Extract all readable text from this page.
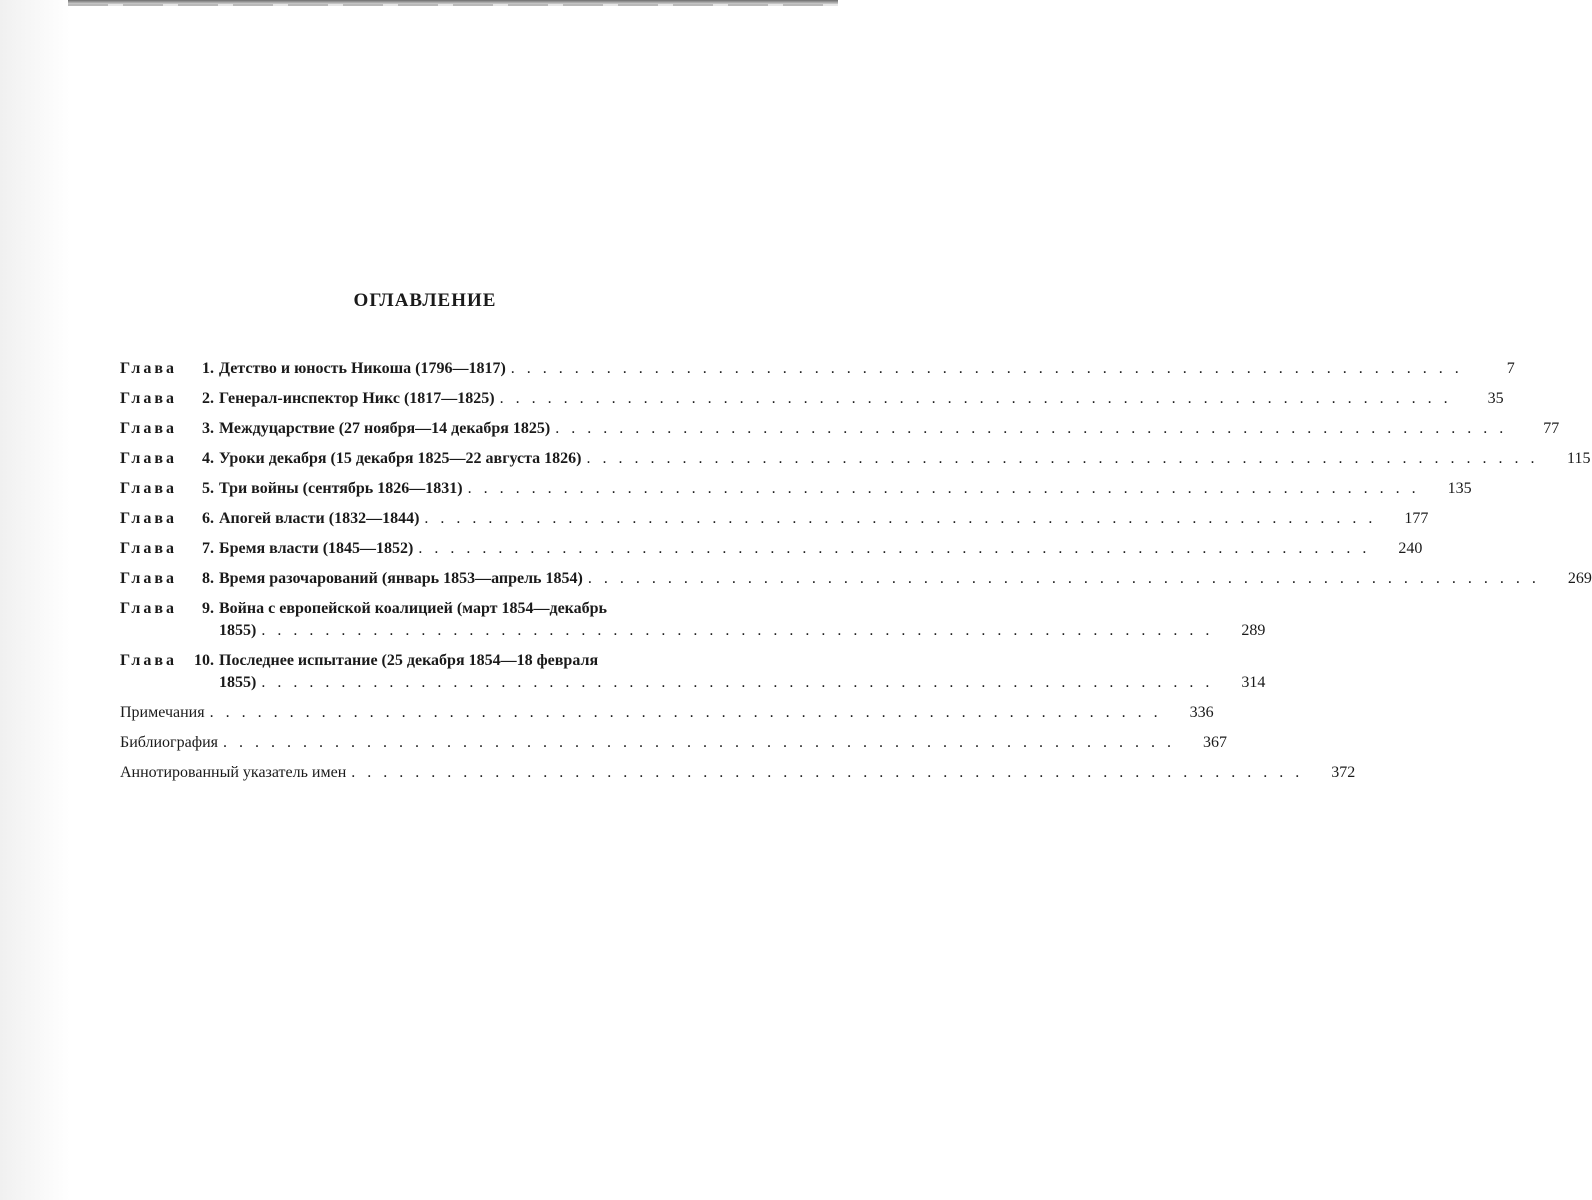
ОГЛАВЛЕНИЕ
Глава	1. Детство и юность Никоша (1796—1817) . . . . . . . . . . . . . . . . . . . . . . . . . . . . . . . . . . . . . . . . . . . . . . . . . . . . . . . . . . . .	7
Глава	2. Генерал-инспектор Никс (1817—1825) . . . . . . . . . . . . . . . . . . . . . . . . . . . . . . . . . . . . . . . . . . . . . . . . . . . . . . . . . . . .	35
Глава	3. Междуцарствие (27 ноября—14 декабря 1825) . . . . . . . . . . . . . . . . . . . . . . . . . . . . . . . . . . . . . . . . . . . . . . . . . . . . . . . . . . . .	77
Глава	4. Уроки декабря (15 декабря 1825—22 августа 1826) . . . . . . . . . . . . . . . . . . . . . . . . . . . . . . . . . . . . . . . . . . . . . . . . . . . . . . . . . . . .	115
Глава	5. Три войны (сентябрь 1826—1831) . . . . . . . . . . . . . . . . . . . . . . . . . . . . . . . . . . . . . . . . . . . . . . . . . . . . . . . . . . . .	135
Глава	6. Апогей власти (1832—1844) . . . . . . . . . . . . . . . . . . . . . . . . . . . . . . . . . . . . . . . . . . . . . . . . . . . . . . . . . . . .	177
Глава	7. Бремя власти (1845—1852) . . . . . . . . . . . . . . . . . . . . . . . . . . . . . . . . . . . . . . . . . . . . . . . . . . . . . . . . . . . .	240
Глава	8. Время разочарований (январь 1853—апрель 1854) . . . . . . . . . . . . . . . . . . . . . . . . . . . . . . . . . . . . . . . . . . . . . . . . . . . . . . . . . . . .	269
Глава	9. Война с европейской коалицией (март 1854—декабрь
1855) . . . . . . . . . . . . . . . . . . . . . . . . . . . . . . . . . . . . . . . . . . . . . . . . . . . . . . . . . . . .	289
Глава	10. Последнее испытание (25 декабря 1854—18 февраля
1855) . . . . . . . . . . . . . . . . . . . . . . . . . . . . . . . . . . . . . . . . . . . . . . . . . . . . . . . . . . . .	314
Примечания . . . . . . . . . . . . . . . . . . . . . . . . . . . . . . . . . . . . . . . . . . . . . . . . . . . . . . . . . . . .	336
Библиография . . . . . . . . . . . . . . . . . . . . . . . . . . . . . . . . . . . . . . . . . . . . . . . . . . . . . . . . . . . .	367
Аннотированный указатель имен . . . . . . . . . . . . . . . . . . . . . . . . . . . . . . . . . . . . . . . . . . . . . . . . . . . . . . . . . . . .	372
